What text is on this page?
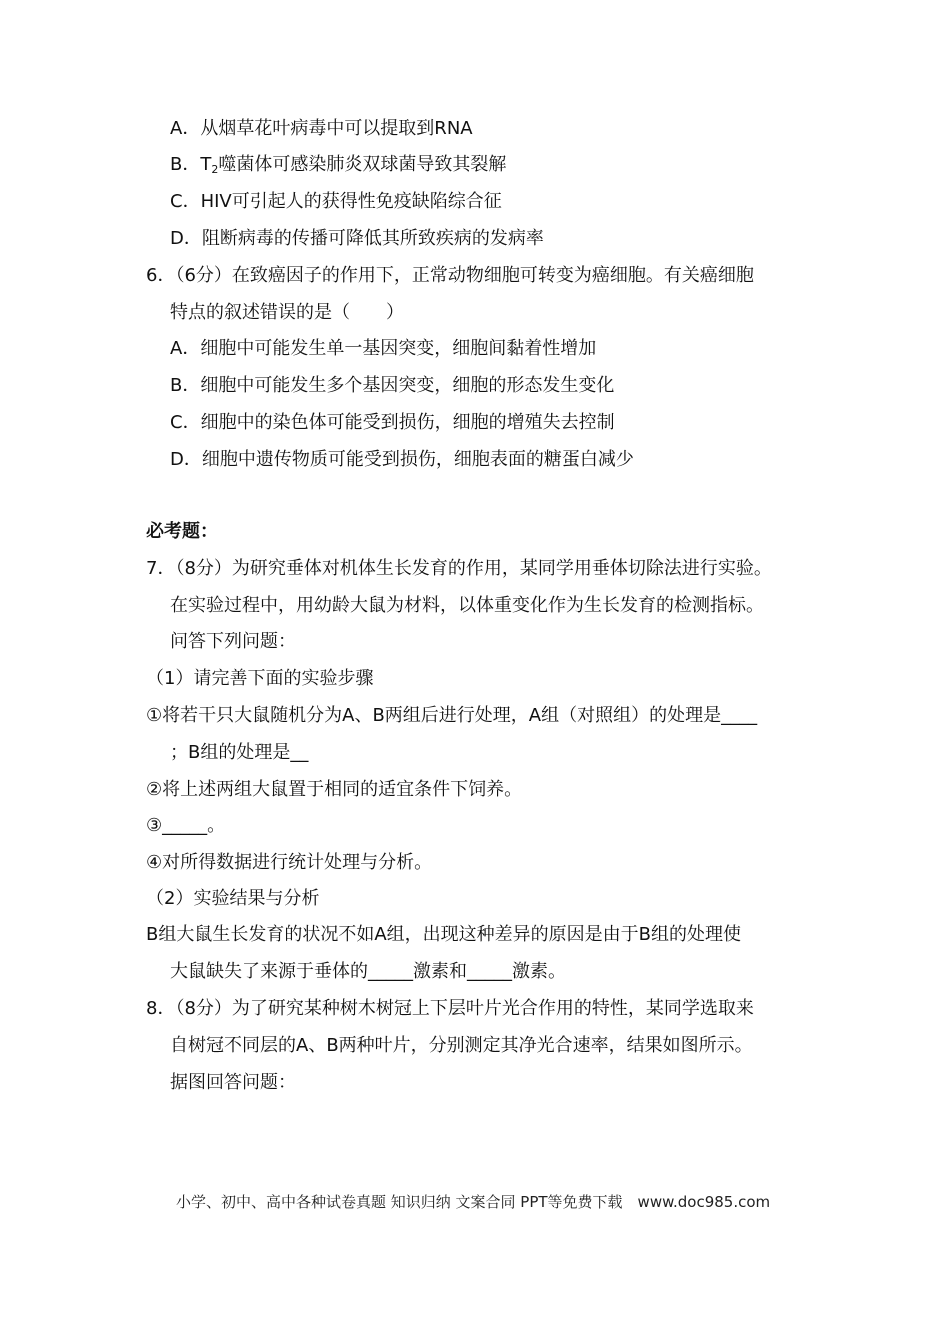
A．从烟草花叶病毒中可以提取到RNA
B．$T_2$噬菌体可感染肺炎双球菌导致其裂解
C．HIV可引起人的获得性免疫缺陷综合征
D．阻断病毒的传播可降低其所致疾病的发病率
6．（6分）在致癌因子的作用下，正常动物细胞可转变为癌细胞。有关癌细胞
特点的叙述错误的是（　　）
A．细胞中可能发生单一基因突变，细胞间黏着性增加
B．细胞中可能发生多个基因突变，细胞的形态发生变化
C．细胞中的染色体可能受到损伤，细胞的增殖失去控制
D．细胞中遗传物质可能受到损伤，细胞表面的糖蛋白减少
必考题：
7．（8分）为研究垂体对机体生长发育的作用，某同学用垂体切除法进行实验。
在实验过程中，用幼龄大鼠为材料，以体重变化作为生长发育的检测指标。
问答下列问题：
（1）请完善下面的实验步骤
①将若干只大鼠随机分为A、B两组后进行处理，A组（对照组）的处理是____
；B组的处理是__
②将上述两组大鼠置于相同的适宜条件下饲养。
③_____。
④对所得数据进行统计处理与分析。
（2）实验结果与分析
B组大鼠生长发育的状况不如A组，出现这种差异的原因是由于B组的处理使
大鼠缺失了来源于垂体的_____激素和_____激素。
8．（8分）为了研究某种树木树冠上下层叶片光合作用的特性，某同学选取来
自树冠不同层的A、B两种叶片，分别测定其净光合速率，结果如图所示。
据图回答问题：
小学、初中、高中各种试卷真题 知识归纳 文案合同 PPT等免费下载　www.doc985.com
